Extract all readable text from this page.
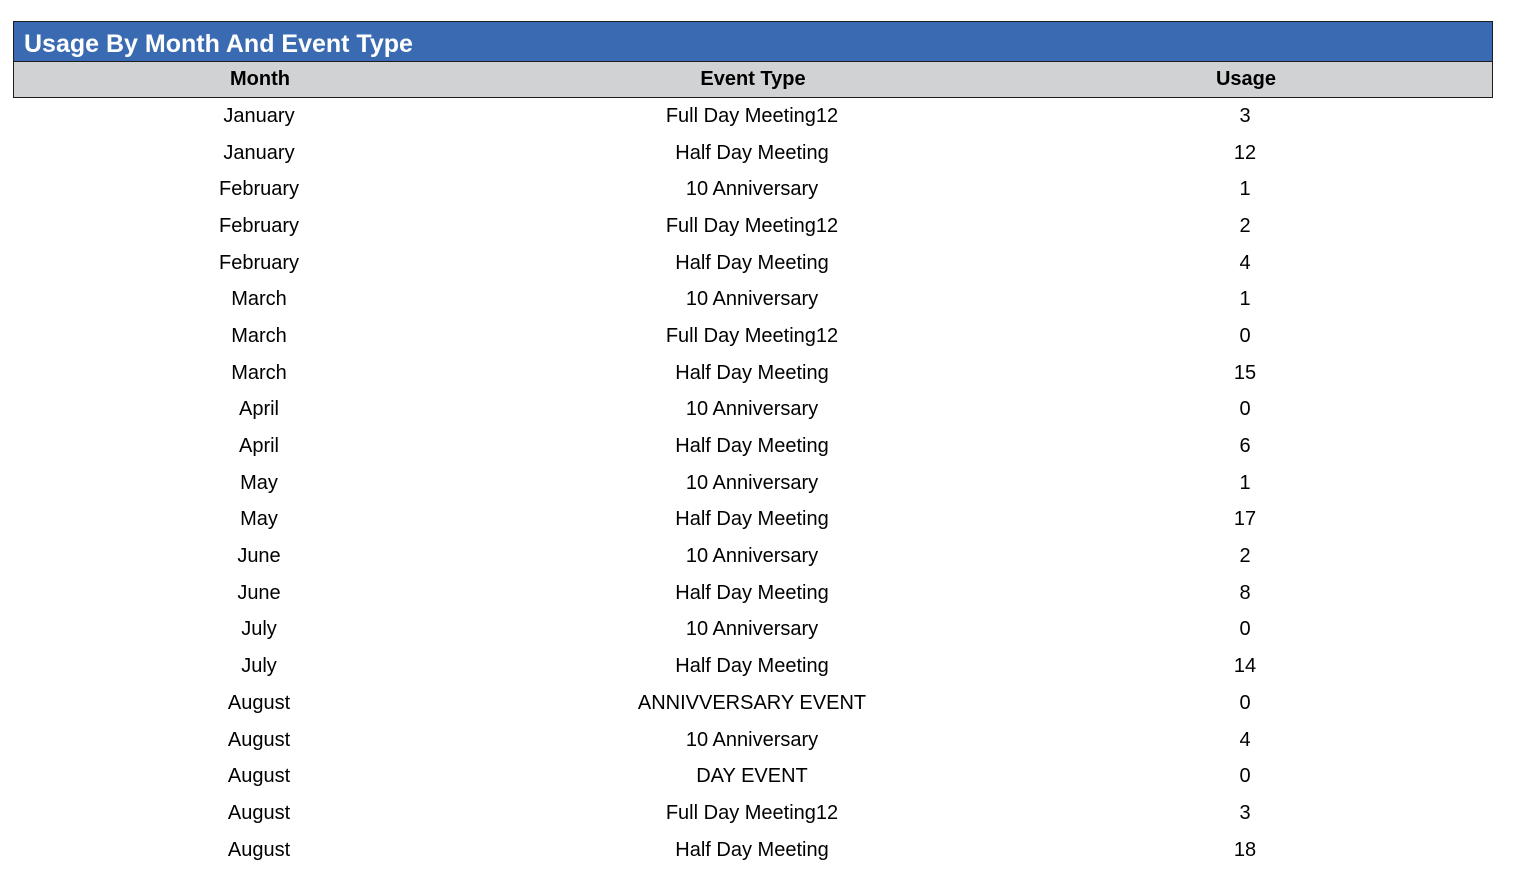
Usage By Month And Event Type
Month	Event Type	Usage
January	Full Day Meeting12	3
January	Half Day Meeting	12
February	10 Anniversary	1
February	Full Day Meeting12	2
February	Half Day Meeting	4
March	10 Anniversary	1
March	Full Day Meeting12	0
March	Half Day Meeting	15
April	10 Anniversary	0
April	Half Day Meeting	6
May	10 Anniversary	1
May	Half Day Meeting	17
June	10 Anniversary	2
June	Half Day Meeting	8
July	10 Anniversary	0
July	Half Day Meeting	14
August	ANNIVVERSARY EVENT	0
August	10 Anniversary	4
August	DAY EVENT	0
August	Full Day Meeting12	3
August	Half Day Meeting	18
